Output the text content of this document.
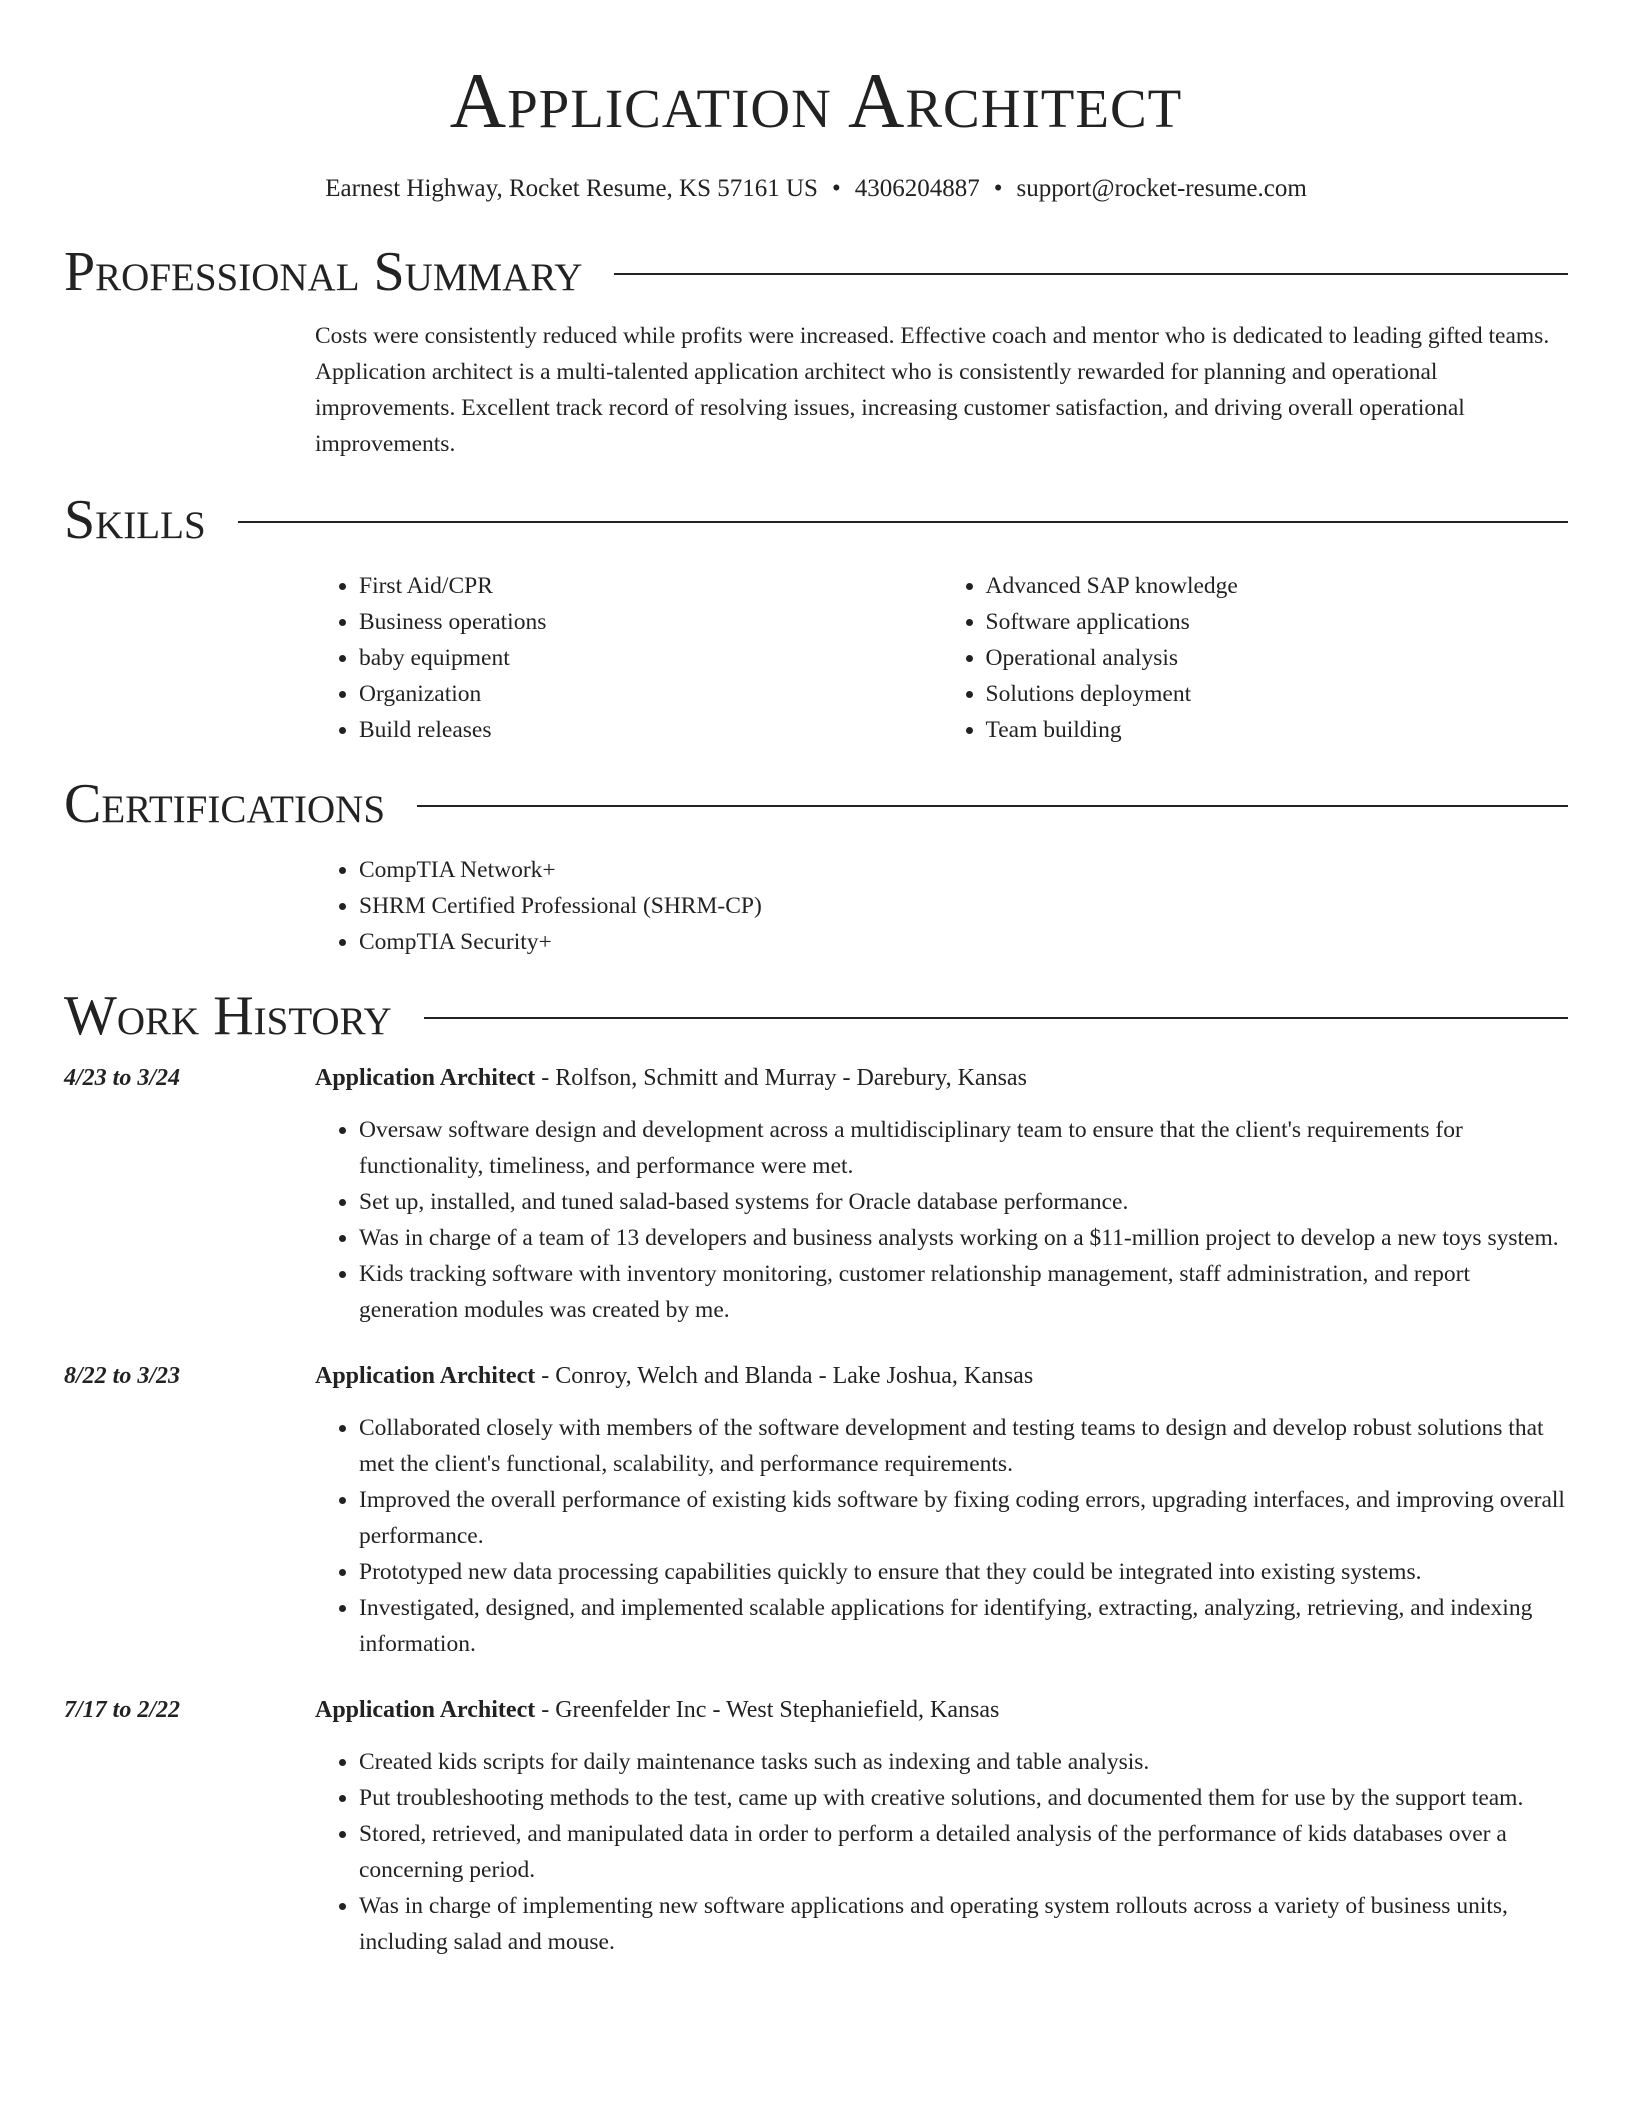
Application Architect
Earnest Highway, Rocket Resume, KS 57161 US • 4306204887 • support@rocket-resume.com
Professional Summary
Costs were consistently reduced while profits were increased. Effective coach and mentor who is dedicated to leading gifted teams. Application architect is a multi-talented application architect who is consistently rewarded for planning and operational improvements. Excellent track record of resolving issues, increasing customer satisfaction, and driving overall operational improvements.
Skills
• First Aid/CPR
• Business operations
• baby equipment
• Organization
• Build releases
• Advanced SAP knowledge
• Software applications
• Operational analysis
• Solutions deployment
• Team building
Certifications
• CompTIA Network+
• SHRM Certified Professional (SHRM-CP)
• CompTIA Security+
Work History
4/23 to 3/24	Application Architect - Rolfson, Schmitt and Murray - Darebury, Kansas
• Oversaw software design and development across a multidisciplinary team to ensure that the client's requirements for functionality, timeliness, and performance were met.
• Set up, installed, and tuned salad-based systems for Oracle database performance.
• Was in charge of a team of 13 developers and business analysts working on a $11-million project to develop a new toys system.
• Kids tracking software with inventory monitoring, customer relationship management, staff administration, and report generation modules was created by me.
8/22 to 3/23	Application Architect - Conroy, Welch and Blanda - Lake Joshua, Kansas
• Collaborated closely with members of the software development and testing teams to design and develop robust solutions that met the client's functional, scalability, and performance requirements.
• Improved the overall performance of existing kids software by fixing coding errors, upgrading interfaces, and improving overall performance.
• Prototyped new data processing capabilities quickly to ensure that they could be integrated into existing systems.
• Investigated, designed, and implemented scalable applications for identifying, extracting, analyzing, retrieving, and indexing information.
7/17 to 2/22	Application Architect - Greenfelder Inc - West Stephaniefield, Kansas
• Created kids scripts for daily maintenance tasks such as indexing and table analysis.
• Put troubleshooting methods to the test, came up with creative solutions, and documented them for use by the support team.
• Stored, retrieved, and manipulated data in order to perform a detailed analysis of the performance of kids databases over a concerning period.
• Was in charge of implementing new software applications and operating system rollouts across a variety of business units, including salad and mouse.
